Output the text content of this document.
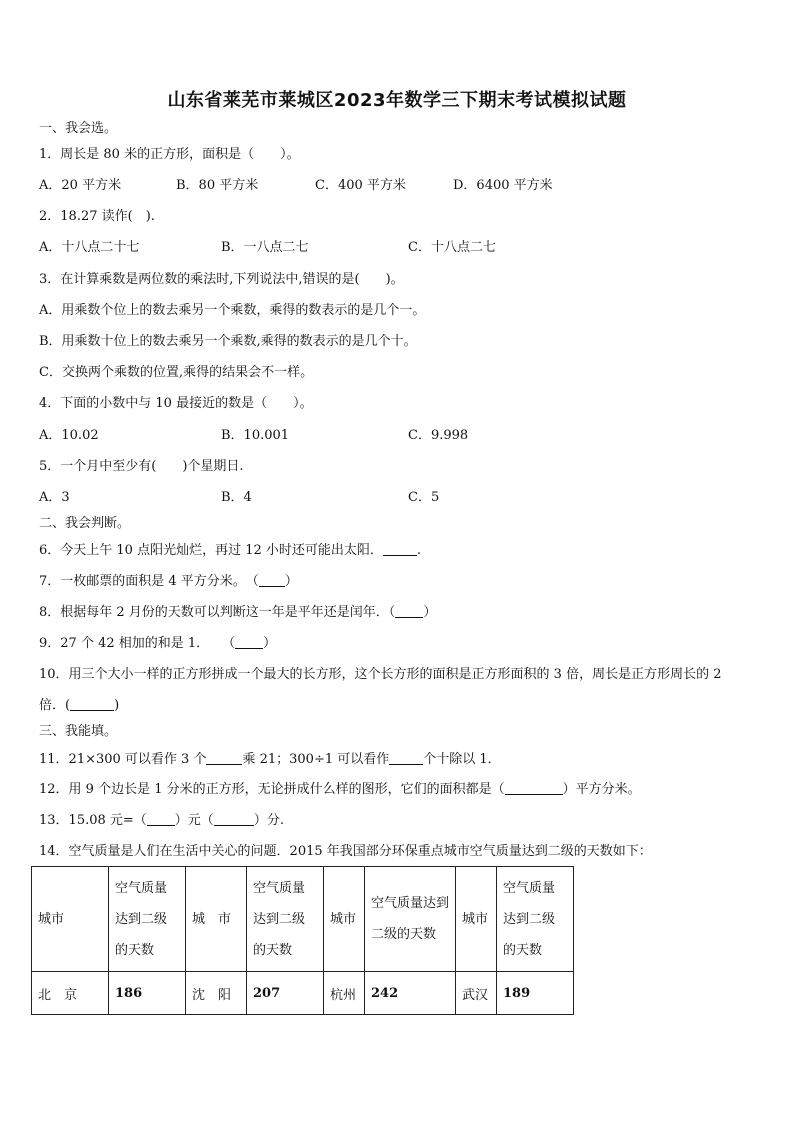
山东省莱芜市莱城区2023年数学三下期末考试模拟试题
一、我会选。
1．周长是 80 米的正方形，面积是（　　）。
A．20 平方米	B．80 平方米	C．400 平方米	D．6400 平方米
2．18.27 读作(　).
A．十八点二十七	B．一八点二七	C．十八点二七
3．在计算乘数是两位数的乘法时,下列说法中,错误的是(　　)。
A．用乘数个位上的数去乘另一个乘数，乘得的数表示的是几个一。
B．用乘数十位上的数去乘另一个乘数,乘得的数表示的是几个十。
C．交换两个乘数的位置,乘得的结果会不一样。
4．下面的小数中与 10 最接近的数是（　　）。
A．10.02	B．10.001	C．9.998
5．一个月中至少有(　　)个星期日.
A．3	B．4	C．5
二、我会判断。
6．今天上午 10 点阳光灿烂，再过 12 小时还可能出太阳．	.
7．一枚邮票的面积是 4 平方分米。　（ ）
8．根据每年 2 月份的天数可以判断这一年是平年还是闰年．（ ）
9．27 个 42 相加的和是 1．　　（ ）
10．用三个大小一样的正方形拼成一个最大的长方形，这个长方形的面积是正方形面积的 3 倍，周长是正方形周长的 2
倍．(	)
三、我能填。
11．21×300 可以看作 3 个	乘 21；300÷1 可以看作	个十除以 1．
12．用 9 个边长是 1 分米的正方形，无论拼成什么样的图形，它们的面积都是（	）平方分米。
13．15.08 元=（ ）元（	）分.
14．空气质量是人们在生活中关心的问题．2015 年我国部分环保重点城市空气质量达到二级的天数如下：
城市	空气质量达到二级的天数	城　市	空气质量达到二级的天数	城市	空气质量达到二级的天数	城市	空气质量达到二级的天数
北　京	186	沈　阳	207	杭州	242	武汉	189
